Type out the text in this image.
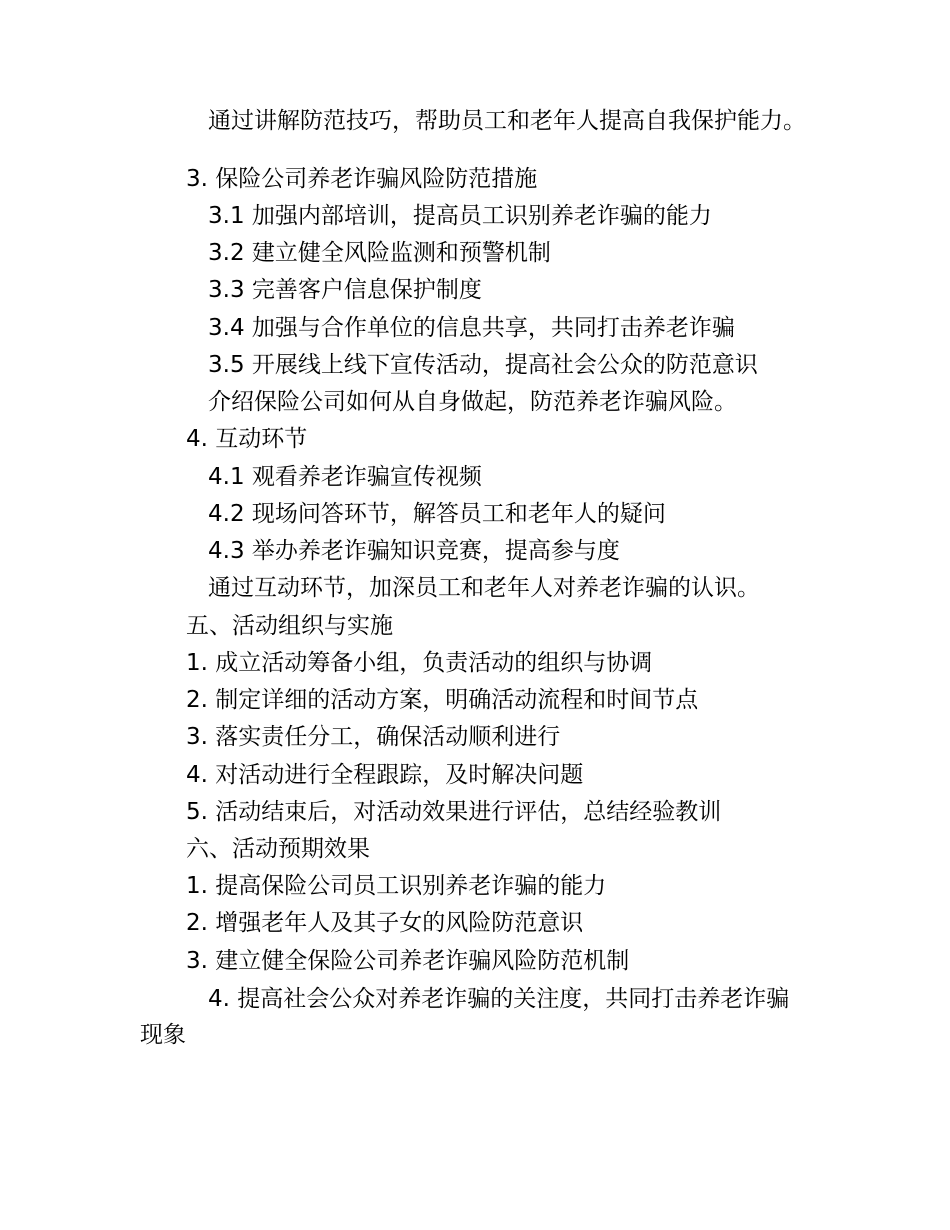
通过讲解防范技巧，帮助员工和老年人提高自我保护能力。
3. 保险公司养老诈骗风险防范措施
3.1 加强内部培训，提高员工识别养老诈骗的能力
3.2 建立健全风险监测和预警机制
3.3 完善客户信息保护制度
3.4 加强与合作单位的信息共享，共同打击养老诈骗
3.5 开展线上线下宣传活动，提高社会公众的防范意识
介绍保险公司如何从自身做起，防范养老诈骗风险。
4. 互动环节
4.1 观看养老诈骗宣传视频
4.2 现场问答环节，解答员工和老年人的疑问
4.3 举办养老诈骗知识竞赛，提高参与度
通过互动环节，加深员工和老年人对养老诈骗的认识。
五、活动组织与实施
1. 成立活动筹备小组，负责活动的组织与协调
2. 制定详细的活动方案，明确活动流程和时间节点
3. 落实责任分工，确保活动顺利进行
4. 对活动进行全程跟踪，及时解决问题
5. 活动结束后，对活动效果进行评估，总结经验教训
六、活动预期效果
1. 提高保险公司员工识别养老诈骗的能力
2. 增强老年人及其子女的风险防范意识
3. 建立健全保险公司养老诈骗风险防范机制
4. 提高社会公众对养老诈骗的关注度，共同打击养老诈骗现象
